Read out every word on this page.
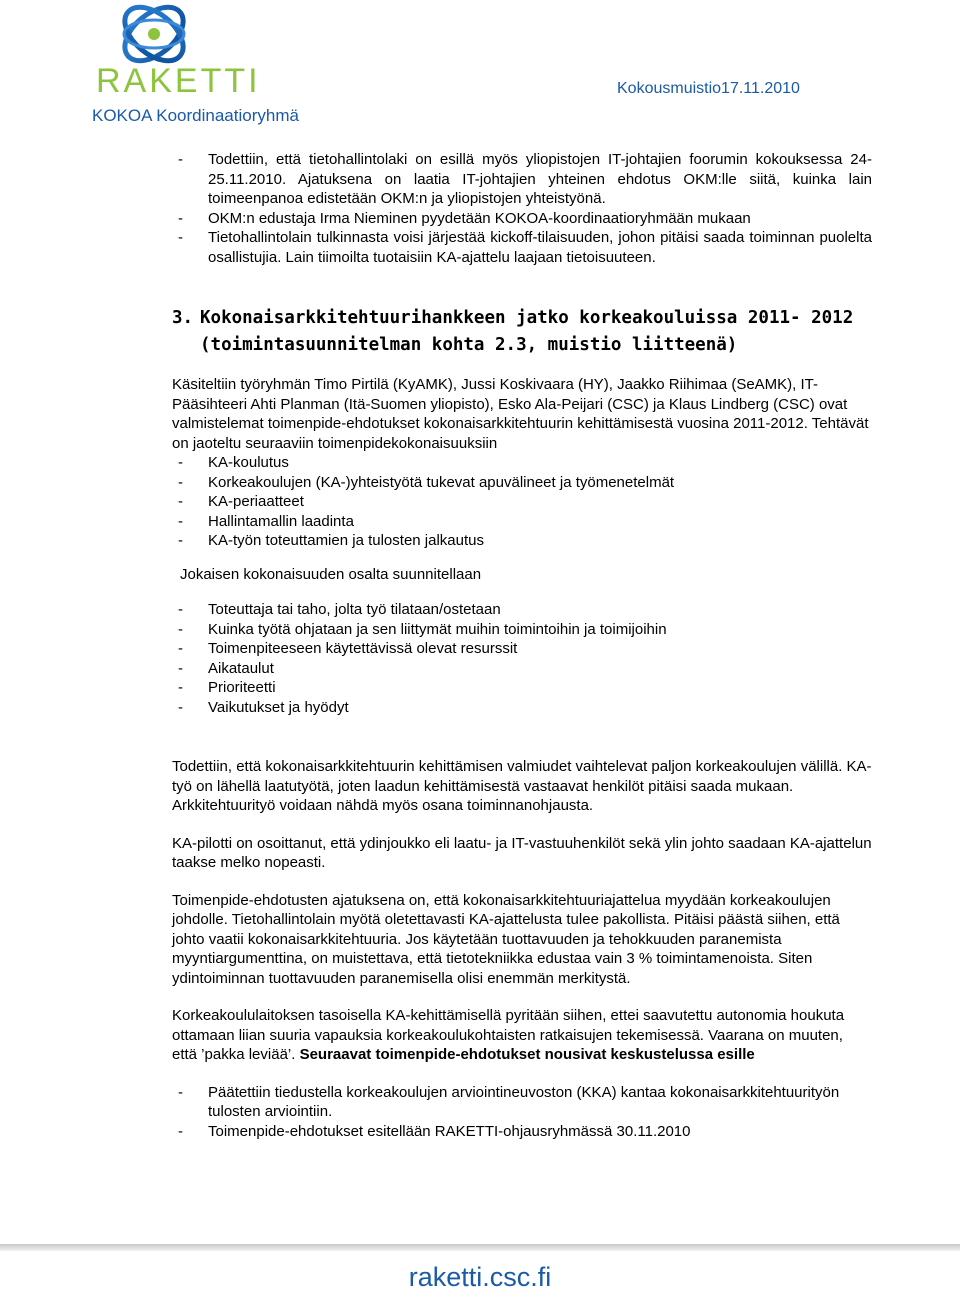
RAKETTI
KOKOA Koordinaatioryhmä
Kokousmuistio17.11.2010
- Todettiin, että tietohallintolaki on esillä myös yliopistojen IT-johtajien foorumin kokouksessa 24-25.11.2010. Ajatuksena on laatia IT-johtajien yhteinen ehdotus OKM:lle siitä, kuinka lain toimeenpanoa edistetään OKM:n ja yliopistojen yhteistyönä.
- OKM:n edustaja Irma Nieminen pyydetään KOKOA-koordinaatioryhmään mukaan
- Tietohallintolain tulkinnasta voisi järjestää kickoff-tilaisuuden, johon pitäisi saada toiminnan puolelta osallistujia. Lain tiimoilta tuotaisiin KA-ajattelu laajaan tietoisuuteen.
3. Kokonaisarkkitehtuurihankkeen jatko korkeakouluissa 2011- 2012
(toimintasuunnitelman kohta 2.3, muistio liitteenä)
Käsiteltiin työryhmän Timo Pirtilä (KyAMK), Jussi Koskivaara (HY), Jaakko Riihimaa (SeAMK), IT-Pääsihteeri Ahti Planman (Itä-Suomen yliopisto), Esko Ala-Peijari (CSC) ja Klaus Lindberg (CSC) ovat valmistelemat toimenpide-ehdotukset kokonaisarkkitehtuurin kehittämisestä vuosina 2011-2012. Tehtävät on jaoteltu seuraaviin toimenpidekokonaisuuksiin
- KA-koulutus
- Korkeakoulujen (KA-)yhteistyötä tukevat apuvälineet ja työmenetelmät
- KA-periaatteet
- Hallintamallin laadinta
- KA-työn toteuttamien ja tulosten jalkautus
Jokaisen kokonaisuuden osalta suunnitellaan
- Toteuttaja tai taho, jolta työ tilataan/ostetaan
- Kuinka työtä ohjataan ja sen liittymät muihin toimintoihin ja toimijoihin
- Toimenpiteeseen käytettävissä olevat resurssit
- Aikataulut
- Prioriteetti
- Vaikutukset ja hyödyt
Todettiin, että kokonaisarkkitehtuurin kehittämisen valmiudet vaihtelevat paljon korkeakoulujen välillä. KA-työ on lähellä laatutyötä, joten laadun kehittämisestä vastaavat henkilöt pitäisi saada mukaan. Arkkitehtuurityö voidaan nähdä myös osana toiminnanohjausta.
KA-pilotti on osoittanut, että ydinjoukko eli laatu- ja IT-vastuuhenkilöt sekä ylin johto saadaan KA-ajattelun taakse melko nopeasti.
Toimenpide-ehdotusten ajatuksena on, että kokonaisarkkitehtuuriajattelua myydään korkeakoulujen johdolle. Tietohallintolain myötä oletettavasti KA-ajattelusta tulee pakollista. Pitäisi päästä siihen, että johto vaatii kokonaisarkkitehtuuria. Jos käytetään tuottavuuden ja tehokkuuden paranemista myyntiargumenttina, on muistettava, että tietotekniikka edustaa vain 3 % toimintamenoista. Siten ydintoiminnan tuottavuuden paranemisella olisi enemmän merkitystä.
Korkeakoululaitoksen tasoisella KA-kehittämisellä pyritään siihen, ettei saavutettu autonomia houkuta ottamaan liian suuria vapauksia korkeakoulukohtaisten ratkaisujen tekemisessä. Vaarana on muuten, että ’pakka leviää’. Seuraavat toimenpide-ehdotukset nousivat keskustelussa esille
- Päätettiin tiedustella korkeakoulujen arviointineuvoston (KKA) kantaa kokonaisarkkitehtuurityön tulosten arviointiin.
- Toimenpide-ehdotukset esitellään RAKETTI-ohjausryhmässä 30.11.2010
raketti.csc.fi
